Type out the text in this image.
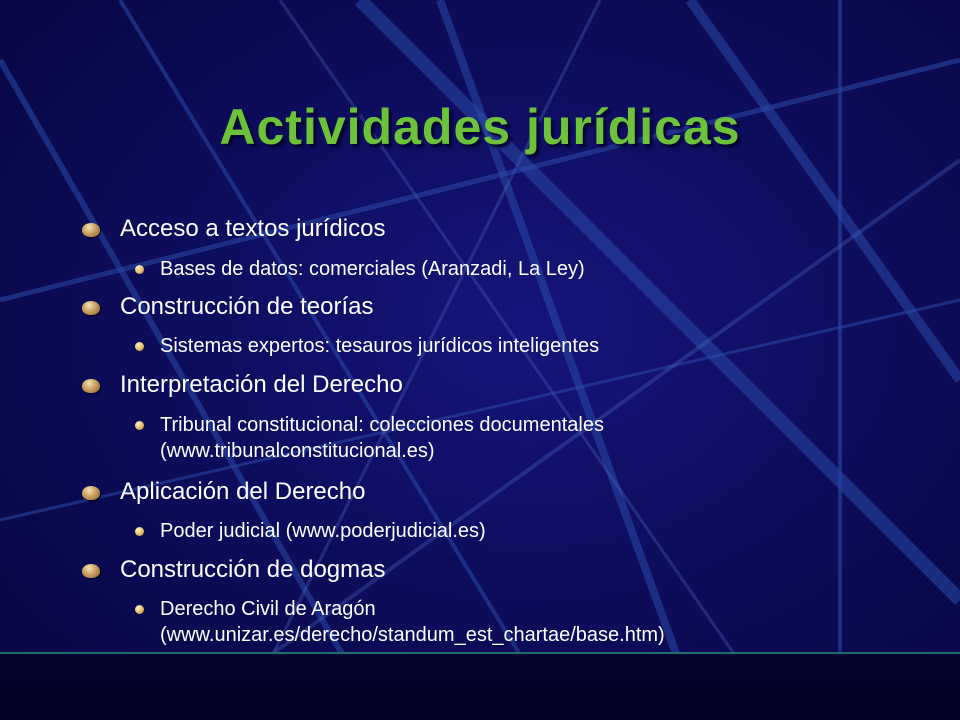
Actividades jurídicas
Acceso a textos jurídicos
Bases de datos: comerciales (Aranzadi, La Ley)
Construcción de teorías
Sistemas expertos: tesauros jurídicos inteligentes
Interpretación del Derecho
Tribunal constitucional: colecciones documentales
(www.tribunalconstitucional.es)
Aplicación del Derecho
Poder judicial (www.poderjudicial.es)
Construcción de dogmas
Derecho Civil de Aragón
(www.unizar.es/derecho/standum_est_chartae/base.htm)
